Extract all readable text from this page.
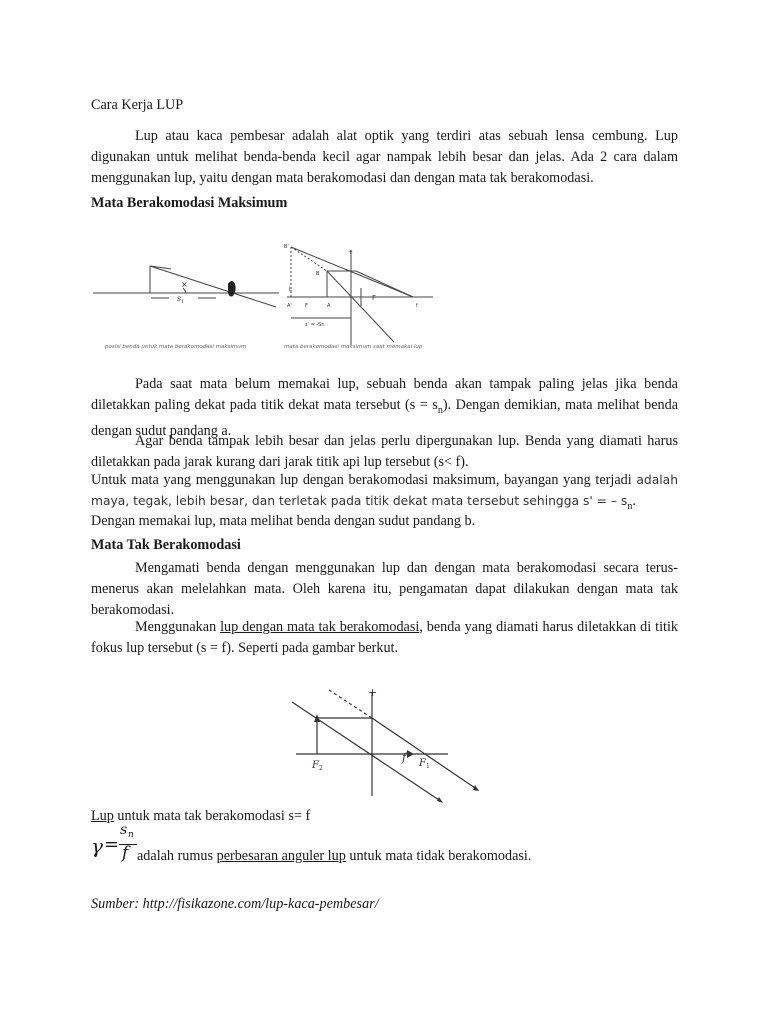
Cara Kerja LUP
Lup atau kaca pembesar adalah alat optik yang terdiri atas sebuah lensa cembung. Lup digunakan untuk melihat benda-benda kecil agar nampak lebih besar dan jelas. Ada 2 cara dalam menggunakan lup, yaitu dengan mata berakomodasi dan dengan mata tak berakomodasi.
Mata Berakomodasi Maksimum
×
s 1
B'
B
A'	F	A
F
f
L
+
s' = -Sn
posisi benda untuk mata berakomodasi maksimum	mata berakomodasi maksimum saat memakai lup
Pada saat mata belum memakai lup, sebuah benda akan tampak paling jelas jika benda diletakkan paling dekat pada titik dekat mata tersebut $(s = s_n)$. Dengan demikian, mata melihat benda dengan sudut pandang a.
Agar benda tampak lebih besar dan jelas perlu dipergunakan lup. Benda yang diamati harus diletakkan pada jarak kurang dari jarak titik api lup tersebut (s< f).
Untuk mata yang menggunakan lup dengan berakomodasi maksimum, bayangan yang terjadi adalah maya, tegak, lebih besar, dan terletak pada titik dekat mata tersebut sehingga s' = – $s_n$.
Dengan memakai lup, mata melihat benda dengan sudut pandang b.
Mata Tak Berakomodasi
Mengamati benda dengan menggunakan lup dan dengan mata berakomodasi secara terus-menerus akan melelahkan mata. Oleh karena itu, pengamatan dapat dilakukan dengan mata tak berakomodasi.
Menggunakan lup dengan mata tak berakomodasi, benda yang diamati harus diletakkan di titik fokus lup tersebut (s = f). Seperti pada gambar berkut.
+
F 2
f F 1
Lup untuk mata tak berakomodasi s= f
γ =
s n
f adalah rumus perbesaran anguler lup untuk mata tidak berakomodasi.
Sumber: http://fisikazone.com/lup-kaca-pembesar/
